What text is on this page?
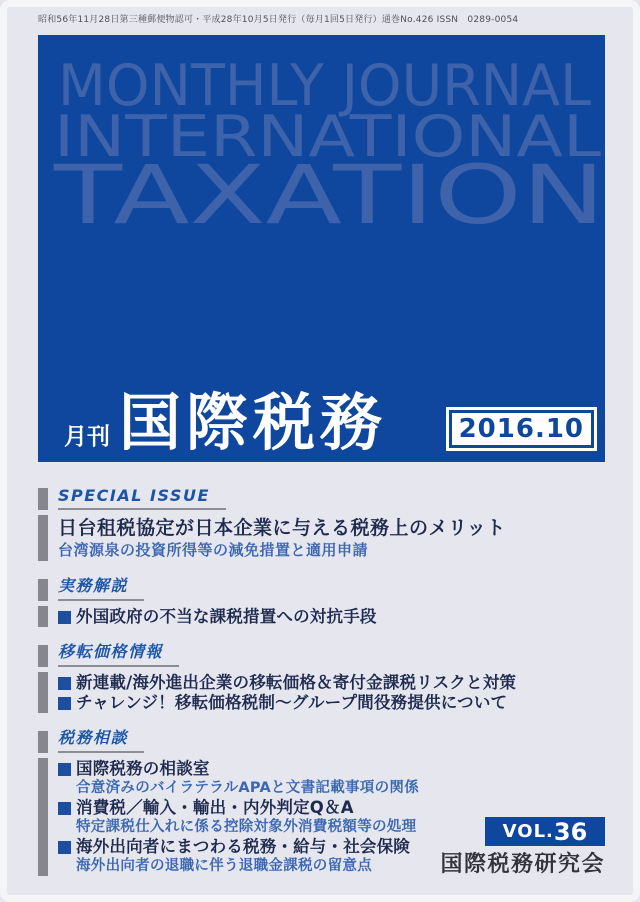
昭和56年11月28日第三種郵便物認可・平成28年10月5日発行（毎月1回5日発行）通巻No.426 ISSN　0289-0054
MONTHLY JOURNAL
INTERNATIONAL
TAXATION
月刊 国際税務	2016.10
SPECIAL ISSUE
日台租税協定が日本企業に与える税務上のメリット
台湾源泉の投資所得等の減免措置と適用申請
実務解説
外国政府の不当な課税措置への対抗手段
移転価格情報
新連載/海外進出企業の移転価格＆寄付金課税リスクと対策
チャレンジ！移転価格税制～グループ間役務提供について
税務相談
国際税務の相談室
合意済みのバイラテラルAPAと文書記載事項の関係
消費税／輸入・輸出・内外判定Q＆A
特定課税仕入れに係る控除対象外消費税額等の処理
海外出向者にまつわる税務・給与・社会保険
海外出向者の退職に伴う退職金課税の留意点
VOL. 36
国際税務研究会
